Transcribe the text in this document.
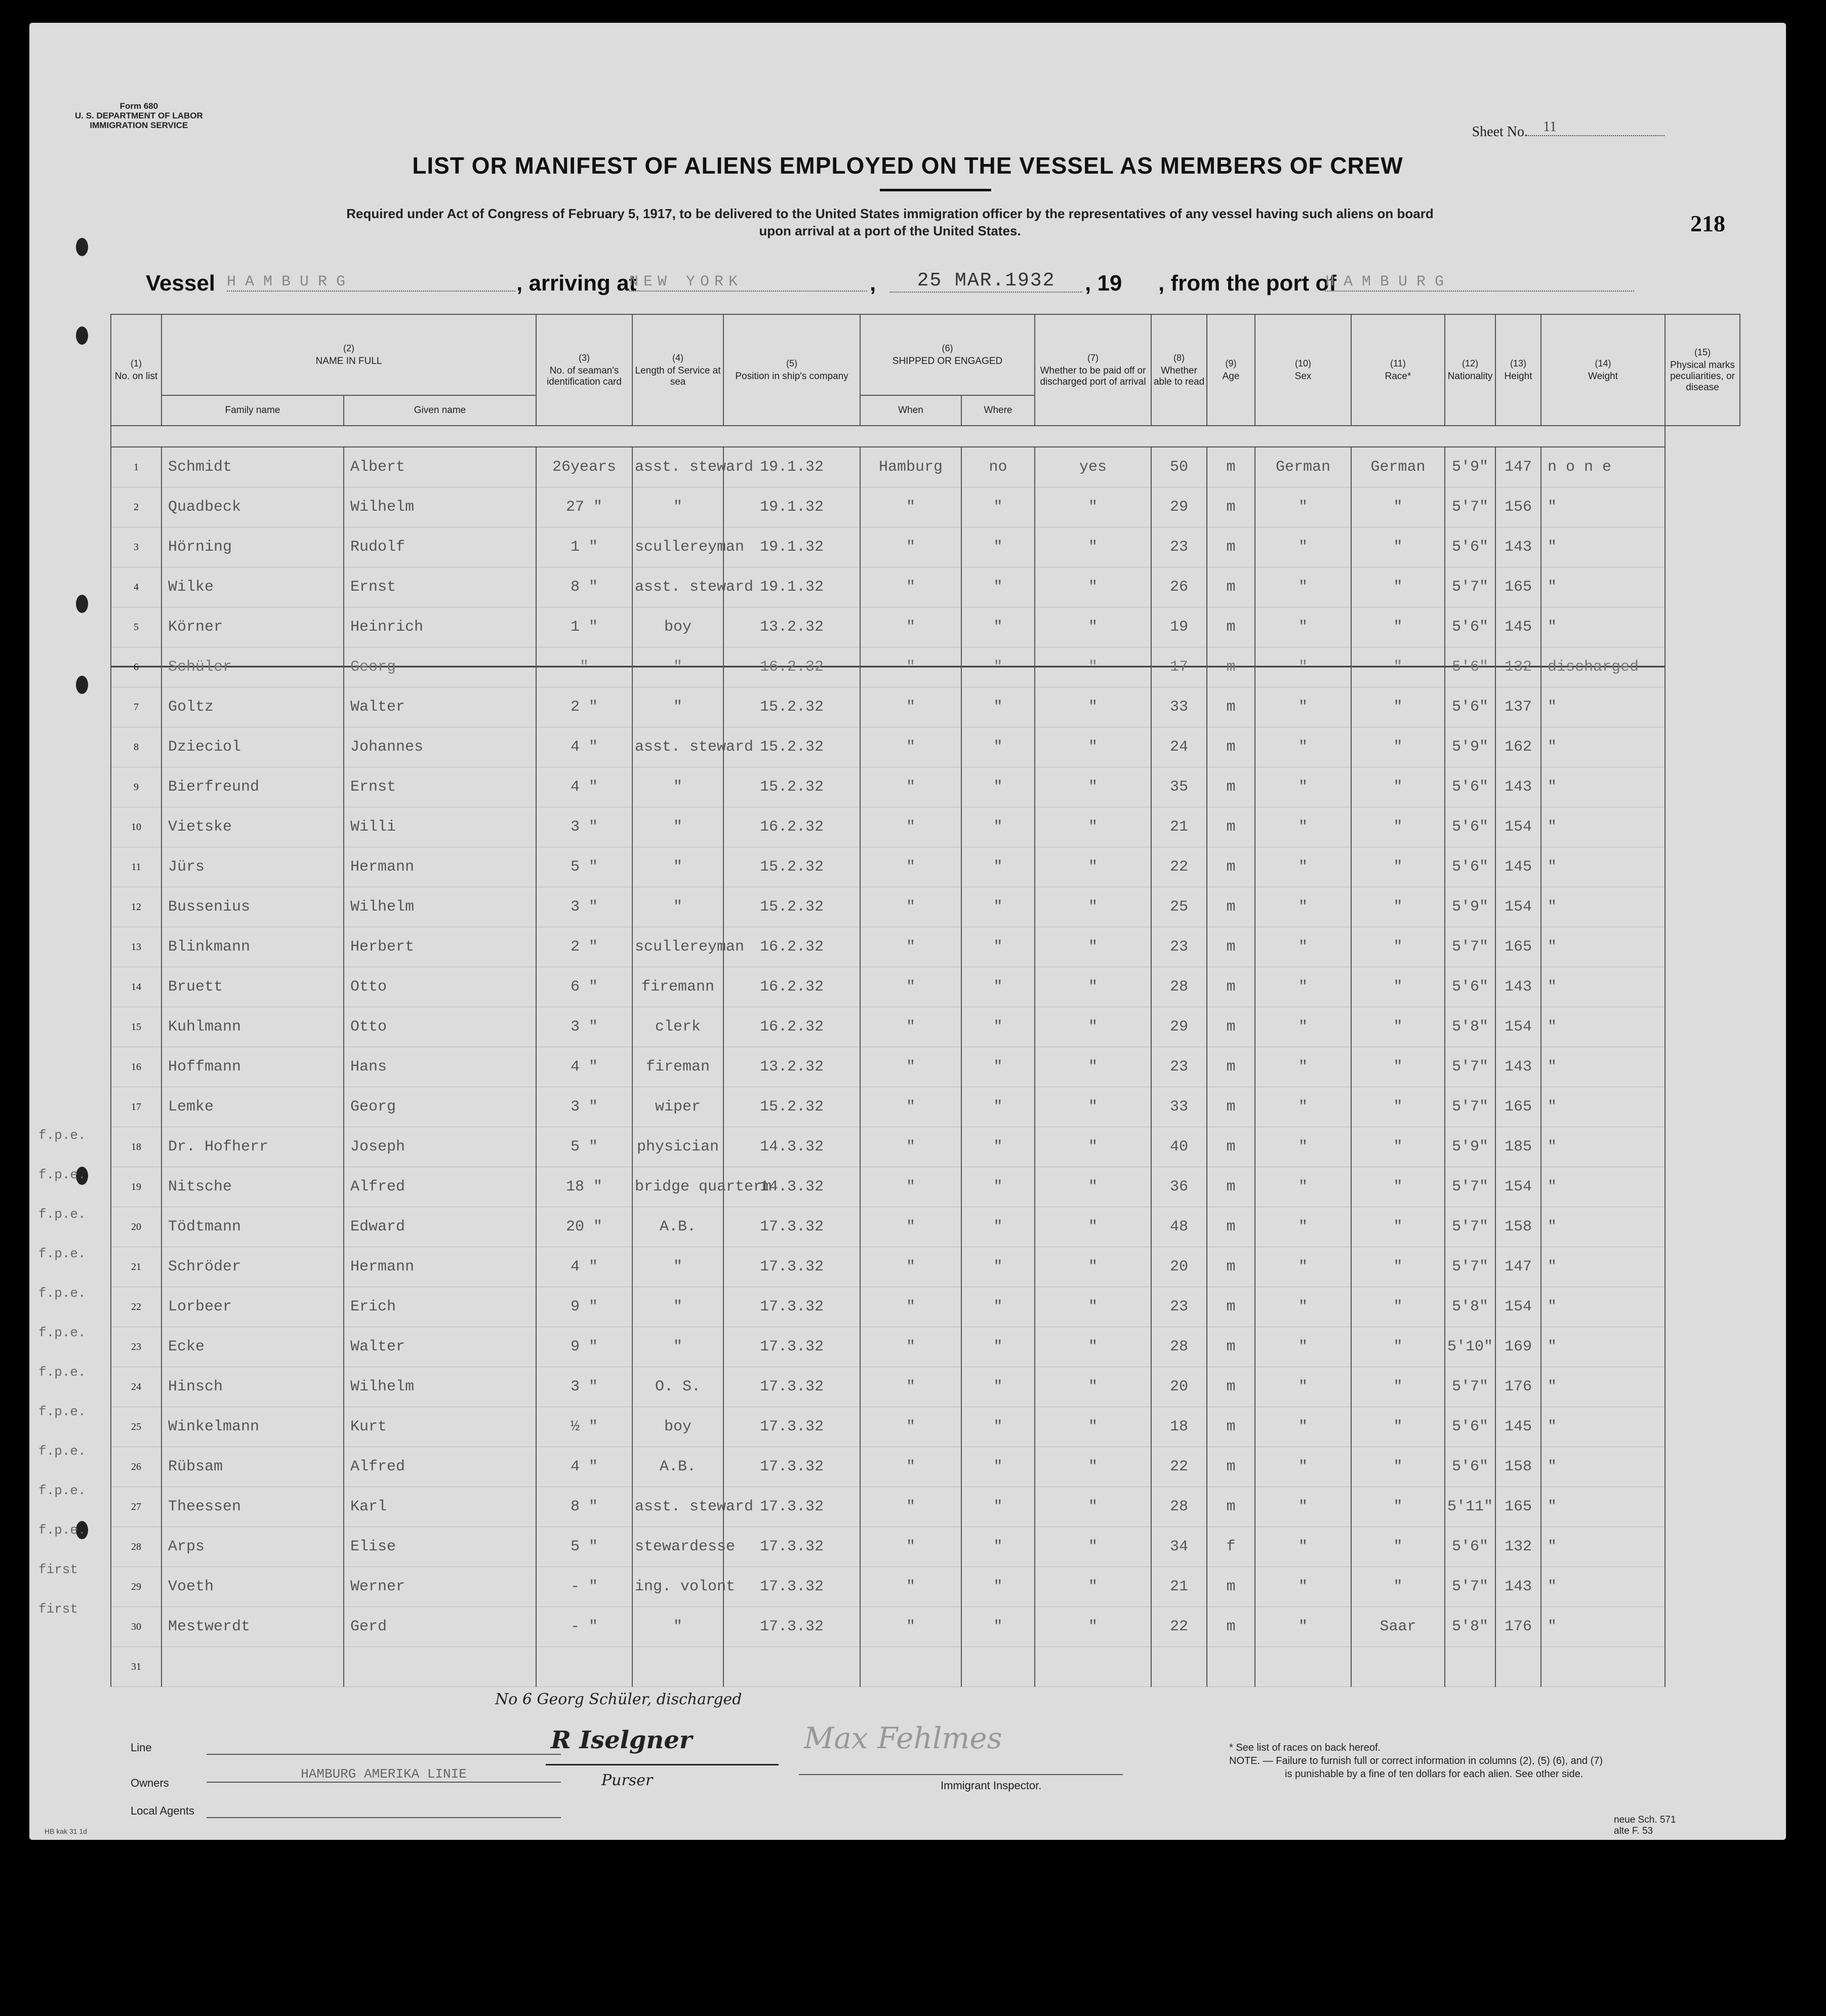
Form 680
U. S. DEPARTMENT OF LABOR
IMMIGRATION SERVICE	Sheet No.	11
LIST OR MANIFEST OF ALIENS EMPLOYED ON THE VESSEL AS MEMBERS OF CREW
Required under Act of Congress of February 5, 1917, to be delivered to the United States immigration officer by the representatives of any vessel having such aliens on board
upon arrival at a port of the United States.	218
Vessel HAMBURG	, arriving at
NEW YORK	,	25 MAR.1932	, 19 , from the port of
HAMBURG
(1)
No. on list	(2)
NAME IN FULL		(3)
No. of seaman's identification card	(4)
Length of Service at sea	(5)
Position in ship's company	(6)
SHIPPED OR ENGAGED		(7)
Whether to be paid off or discharged port of arrival	(8)
Whether able to read	(9)
Age	(10)
Sex	(11)
Race*	(12)
Nationality	(13)
Height	(14)
Weight	(15)
Physical marks peculiarities, or disease
	Family name	Given name				When	Where									

1	Schmidt	Albert		26years	asst. steward	19.1.32	Hamburg	no	yes	50	m	German	German	5'9"	147	n o n e	
2	Quadbeck	Wilhelm		27 "	"	19.1.32	"	"	"	29	m	"	"	5'7"	156	"	
3	Hörning	Rudolf		1 "	scullereyman	19.1.32	"	"	"	23	m	"	"	5'6"	143	"	
4	Wilke	Ernst		8 "	asst. steward	19.1.32	"	"	"	26	m	"	"	5'7"	165	"	
5	Körner	Heinrich		1 "	boy	13.2.32	"	"	"	19	m	"	"	5'6"	145	"	
6	Schüler	Georg		"	"	16.2.32	"	"	"	17	m	"	"	5'6"	132	discharged	
7	Goltz	Walter		2 "	"	15.2.32	"	"	"	33	m	"	"	5'6"	137	"	
8	Dzieciol	Johannes		4 "	asst. steward	15.2.32	"	"	"	24	m	"	"	5'9"	162	"	
9	Bierfreund	Ernst		4 "	"	15.2.32	"	"	"	35	m	"	"	5'6"	143	"	
10	Vietske	Willi		3 "	"	16.2.32	"	"	"	21	m	"	"	5'6"	154	"	
11	Jürs	Hermann		5 "	"	15.2.32	"	"	"	22	m	"	"	5'6"	145	"	
12	Bussenius	Wilhelm		3 "	"	15.2.32	"	"	"	25	m	"	"	5'9"	154	"	
13	Blinkmann	Herbert		2 "	scullereyman	16.2.32	"	"	"	23	m	"	"	5'7"	165	"	
14	Bruett	Otto		6 "	firemann	16.2.32	"	"	"	28	m	"	"	5'6"	143	"	
15	Kuhlmann	Otto		3 "	clerk	16.2.32	"	"	"	29	m	"	"	5'8"	154	"	
16	Hoffmann	Hans		4 "	fireman	13.2.32	"	"	"	23	m	"	"	5'7"	143	"	
17	Lemke	Georg		3 "	wiper	15.2.32	"	"	"	33	m	"	"	5'7"	165	"	
18	Dr. Hofherr	Joseph		5 "	physician	14.3.32	"	"	"	40	m	"	"	5'9"	185	"	
19	Nitsche	Alfred		18 "	bridge quarterm	14.3.32	"	"	"	36	m	"	"	5'7"	154	"	
20	Tödtmann	Edward		20 "	A.B.	17.3.32	"	"	"	48	m	"	"	5'7"	158	"	
21	Schröder	Hermann		4 "	"	17.3.32	"	"	"	20	m	"	"	5'7"	147	"	
22	Lorbeer	Erich		9 "	"	17.3.32	"	"	"	23	m	"	"	5'8"	154	"	
23	Ecke	Walter		9 "	"	17.3.32	"	"	"	28	m	"	"	5'10"	169	"	
24	Hinsch	Wilhelm		3 "	O. S.	17.3.32	"	"	"	20	m	"	"	5'7"	176	"	
25	Winkelmann	Kurt		½ "	boy	17.3.32	"	"	"	18	m	"	"	5'6"	145	"	
26	Rübsam	Alfred		4 "	A.B.	17.3.32	"	"	"	22	m	"	"	5'6"	158	"	
27	Theessen	Karl		8 "	asst. steward	17.3.32	"	"	"	28	m	"	"	5'11"	165	"	
28	Arps	Elise		5 "	stewardesse	17.3.32	"	"	"	34	f	"	"	5'6"	132	"	
29	Voeth	Werner		- "	ing. volont	17.3.32	"	"	"	21	m	"	"	5'7"	143	"	
30	Mestwerdt	Gerd		- "	"	17.3.32	"	"	"	22	m	"	Saar	5'8"	176	"	
31																
No 6 Georg Schüler, discharged
Line
Owners
HAMBURG AMERIKA LINIE
Local Agents
R Iselgner
Purser
Max Fehlmes
Immigrant Inspector.
* See list of races on back hereof.
NOTE. — Failure to furnish full or correct information in columns (2), (5) (6), and (7)
is punishable by a fine of ten dollars for each alien. See other side.
neue Sch. 571
alte F. 53
HB kak 31 1d
f.p.e.
f.p.e.
f.p.e.
f.p.e.
f.p.e.
f.p.e.
f.p.e.
f.p.e.
f.p.e.
f.p.e.
f.p.e.
first
first
